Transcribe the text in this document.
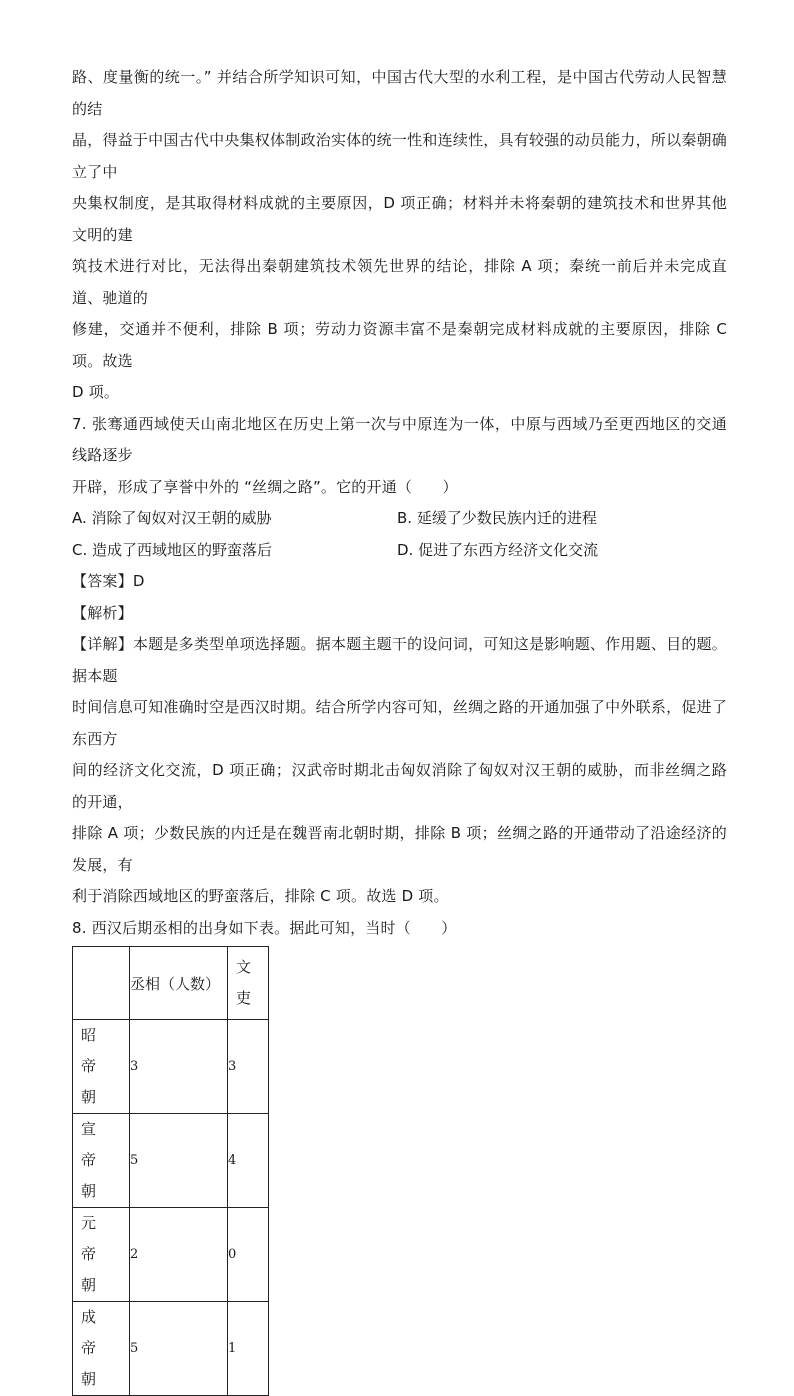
路、度量衡的统一。” 并结合所学知识可知，中国古代大型的水利工程，是中国古代劳动人民智慧的结

晶，得益于中国古代中央集权体制政治实体的统一性和连续性，具有较强的动员能力，所以秦朝确立了中

央集权制度，是其取得材料成就的主要原因，D 项正确；材料并未将秦朝的建筑技术和世界其他文明的建

筑技术进行对比，无法得出秦朝建筑技术领先世界的结论，排除 A 项；秦统一前后并未完成直道、驰道的

修建，交通并不便利，排除 B 项；劳动力资源丰富不是秦朝完成材料成就的主要原因，排除 C 项。故选

D 项。

7. 张骞通西域使天山南北地区在历史上第一次与中原连为一体，中原与西域乃至更西地区的交通线路逐步

开辟，形成了享誉中外的 “丝绸之路”。它的开通（　　）

A. 消除了匈奴对汉王朝的威胁	B. 延缓了少数民族内迁的进程
C. 造成了西域地区的野蛮落后	D. 促进了东西方经济文化交流

【答案】D

【解析】

【详解】本题是多类型单项选择题。据本题主题干的设问词，可知这是影响题、作用题、目的题。据本题

时间信息可知准确时空是西汉时期。结合所学内容可知，丝绸之路的开通加强了中外联系，促进了东西方

间的经济文化交流，D 项正确；汉武帝时期北击匈奴消除了匈奴对汉王朝的威胁，而非丝绸之路的开通，

排除 A 项；少数民族的内迁是在魏晋南北朝时期，排除 B 项；丝绸之路的开通带动了沿途经济的发展，有

利于消除西域地区的野蛮落后，排除 C 项。故选 D 项。

8. 西汉后期丞相的出身如下表。据此可知，当时（　　）

	丞相（人数）	文
吏

昭
帝
朝	3	3

宣
帝
朝	5	4

元
帝
朝	2	0

成
帝
朝	5	1
